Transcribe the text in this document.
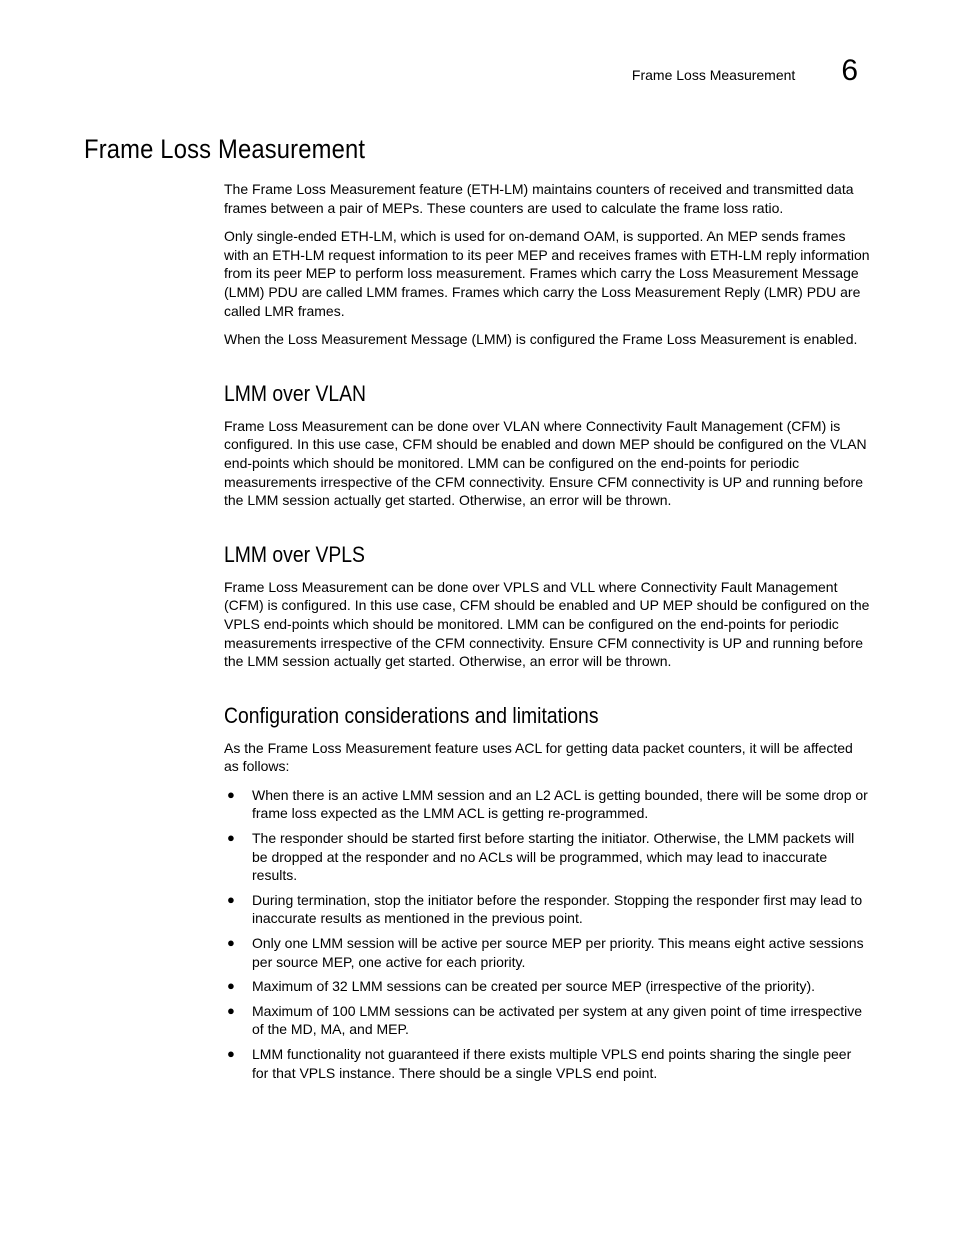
Frame Loss Measurement 6
Frame Loss Measurement

The Frame Loss Measurement feature (ETH-LM) maintains counters of received and transmitted data frames between a pair of MEPs. These counters are used to calculate the frame loss ratio.

Only single-ended ETH-LM, which is used for on-demand OAM, is supported. An MEP sends frames with an ETH-LM request information to its peer MEP and receives frames with ETH-LM reply information from its peer MEP to perform loss measurement. Frames which carry the Loss Measurement Message (LMM) PDU are called LMM frames. Frames which carry the Loss Measurement Reply (LMR) PDU are called LMR frames.

When the Loss Measurement Message (LMM) is configured the Frame Loss Measurement is enabled.

LMM over VLAN

Frame Loss Measurement can be done over VLAN where Connectivity Fault Management (CFM) is configured. In this use case, CFM should be enabled and down MEP should be configured on the VLAN end-points which should be monitored. LMM can be configured on the end-points for periodic measurements irrespective of the CFM connectivity. Ensure CFM connectivity is UP and running before the LMM session actually get started. Otherwise, an error will be thrown.

LMM over VPLS

Frame Loss Measurement can be done over VPLS and VLL where Connectivity Fault Management (CFM) is configured. In this use case, CFM should be enabled and UP MEP should be configured on the VPLS end-points which should be monitored. LMM can be configured on the end-points for periodic measurements irrespective of the CFM connectivity. Ensure CFM connectivity is UP and running before the LMM session actually get started. Otherwise, an error will be thrown.

Configuration considerations and limitations

As the Frame Loss Measurement feature uses ACL for getting data packet counters, it will be affected as follows:

● When there is an active LMM session and an L2 ACL is getting bounded, there will be some drop or frame loss expected as the LMM ACL is getting re-programmed.
● The responder should be started first before starting the initiator. Otherwise, the LMM packets will be dropped at the responder and no ACLs will be programmed, which may lead to inaccurate results.
● During termination, stop the initiator before the responder. Stopping the responder first may lead to inaccurate results as mentioned in the previous point.
● Only one LMM session will be active per source MEP per priority. This means eight active sessions per source MEP, one active for each priority.
● Maximum of 32 LMM sessions can be created per source MEP (irrespective of the priority).
● Maximum of 100 LMM sessions can be activated per system at any given point of time irrespective of the MD, MA, and MEP.
● LMM functionality not guaranteed if there exists multiple VPLS end points sharing the single peer for that VPLS instance. There should be a single VPLS end point.
